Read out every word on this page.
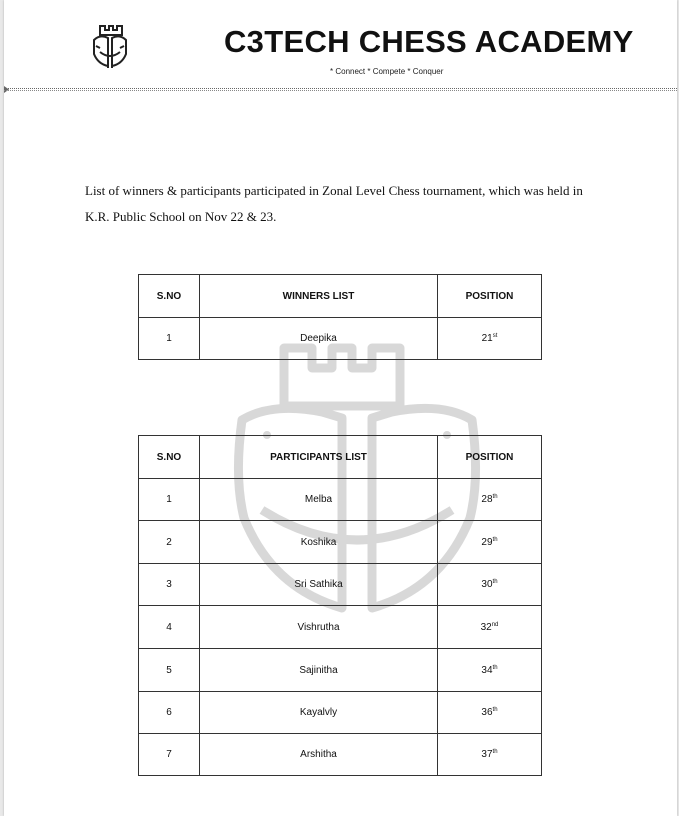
C3TECH CHESS ACADEMY
* Connect * Compete * Conquer
List of winners & participants participated in Zonal Level Chess tournament, which was held in K.R. Public School on Nov 22 & 23.
S.NO	WINNERS LIST	POSITION
1	Deepika	21st
S.NO	PARTICIPANTS LIST	POSITION
1	Melba	28th
2	Koshika	29th
3	Sri Sathika	30th
4	Vishrutha	32nd
5	Sajinitha	34th
6	Kayalvly	36th
7	Arshitha	37th
